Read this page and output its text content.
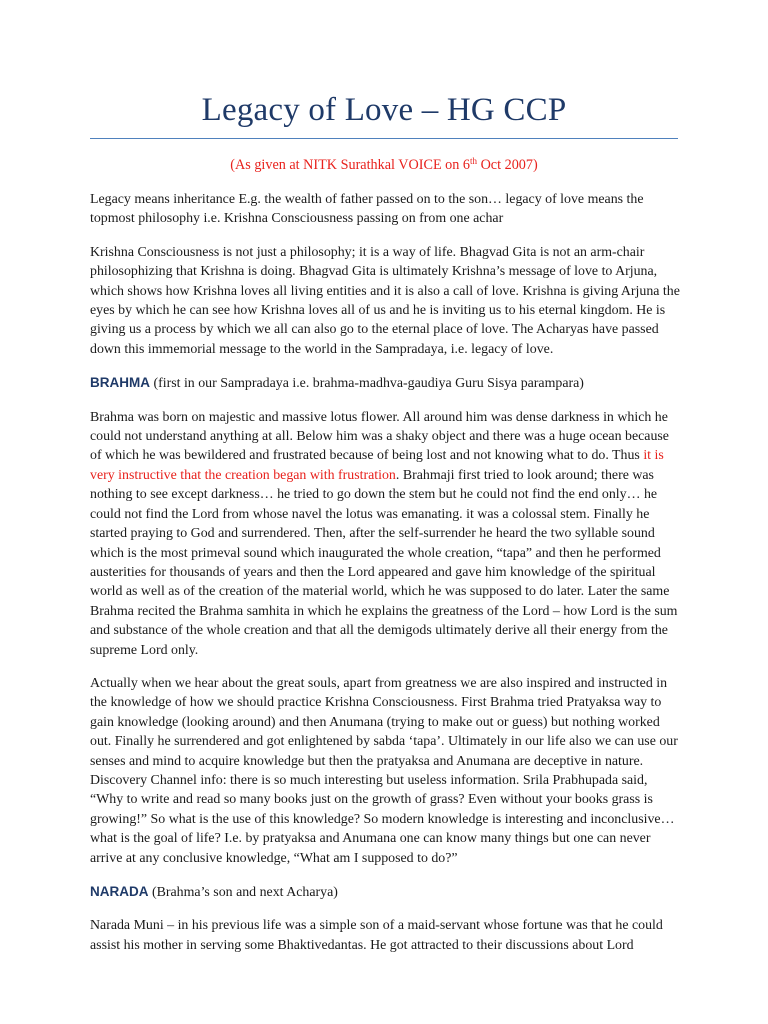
Legacy of Love – HG CCP
(As given at NITK Surathkal VOICE on 6th Oct 2007)

Legacy means inheritance E.g. the wealth of father passed on to the son… legacy of love means the topmost philosophy i.e. Krishna Consciousness passing on from one achar

Krishna Consciousness is not just a philosophy; it is a way of life. Bhagvad Gita is not an arm-chair philosophizing that Krishna is doing. Bhagvad Gita is ultimately Krishna’s message of love to Arjuna, which shows how Krishna loves all living entities and it is also a call of love. Krishna is giving Arjuna the eyes by which he can see how Krishna loves all of us and he is inviting us to his eternal kingdom. He is giving us a process by which we all can also go to the eternal place of love. The Acharyas have passed down this immemorial message to the world in the Sampradaya, i.e. legacy of love.

BRAHMA (first in our Sampradaya i.e. brahma-madhva-gaudiya Guru Sisya parampara)

Brahma was born on majestic and massive lotus flower. All around him was dense darkness in which he could not understand anything at all. Below him was a shaky object and there was a huge ocean because of which he was bewildered and frustrated because of being lost and not knowing what to do. Thus it is very instructive that the creation began with frustration. Brahmaji first tried to look around; there was nothing to see except darkness… he tried to go down the stem but he could not find the end only… he could not find the Lord from whose navel the lotus was emanating. it was a colossal stem. Finally he started praying to God and surrendered. Then, after the self-surrender he heard the two syllable sound which is the most primeval sound which inaugurated the whole creation, “tapa” and then he performed austerities for thousands of years and then the Lord appeared and gave him knowledge of the spiritual world as well as of the creation of the material world, which he was supposed to do later. Later the same Brahma recited the Brahma samhita in which he explains the greatness of the Lord – how Lord is the sum and substance of the whole creation and that all the demigods ultimately derive all their energy from the supreme Lord only.

Actually when we hear about the great souls, apart from greatness we are also inspired and instructed in the knowledge of how we should practice Krishna Consciousness. First Brahma tried Pratyaksa way to gain knowledge (looking around) and then Anumana (trying to make out or guess) but nothing worked out. Finally he surrendered and got enlightened by sabda ‘tapa’. Ultimately in our life also we can use our senses and mind to acquire knowledge but then the pratyaksa and Anumana are deceptive in nature. Discovery Channel info: there is so much interesting but useless information. Srila Prabhupada said, “Why to write and read so many books just on the growth of grass? Even without your books grass is growing!” So what is the use of this knowledge? So modern knowledge is interesting and inconclusive… what is the goal of life? I.e. by pratyaksa and Anumana one can know many things but one can never arrive at any conclusive knowledge, “What am I supposed to do?”

NARADA (Brahma’s son and next Acharya)

Narada Muni – in his previous life was a simple son of a maid-servant whose fortune was that he could assist his mother in serving some Bhaktivedantas. He got attracted to their discussions about Lord
